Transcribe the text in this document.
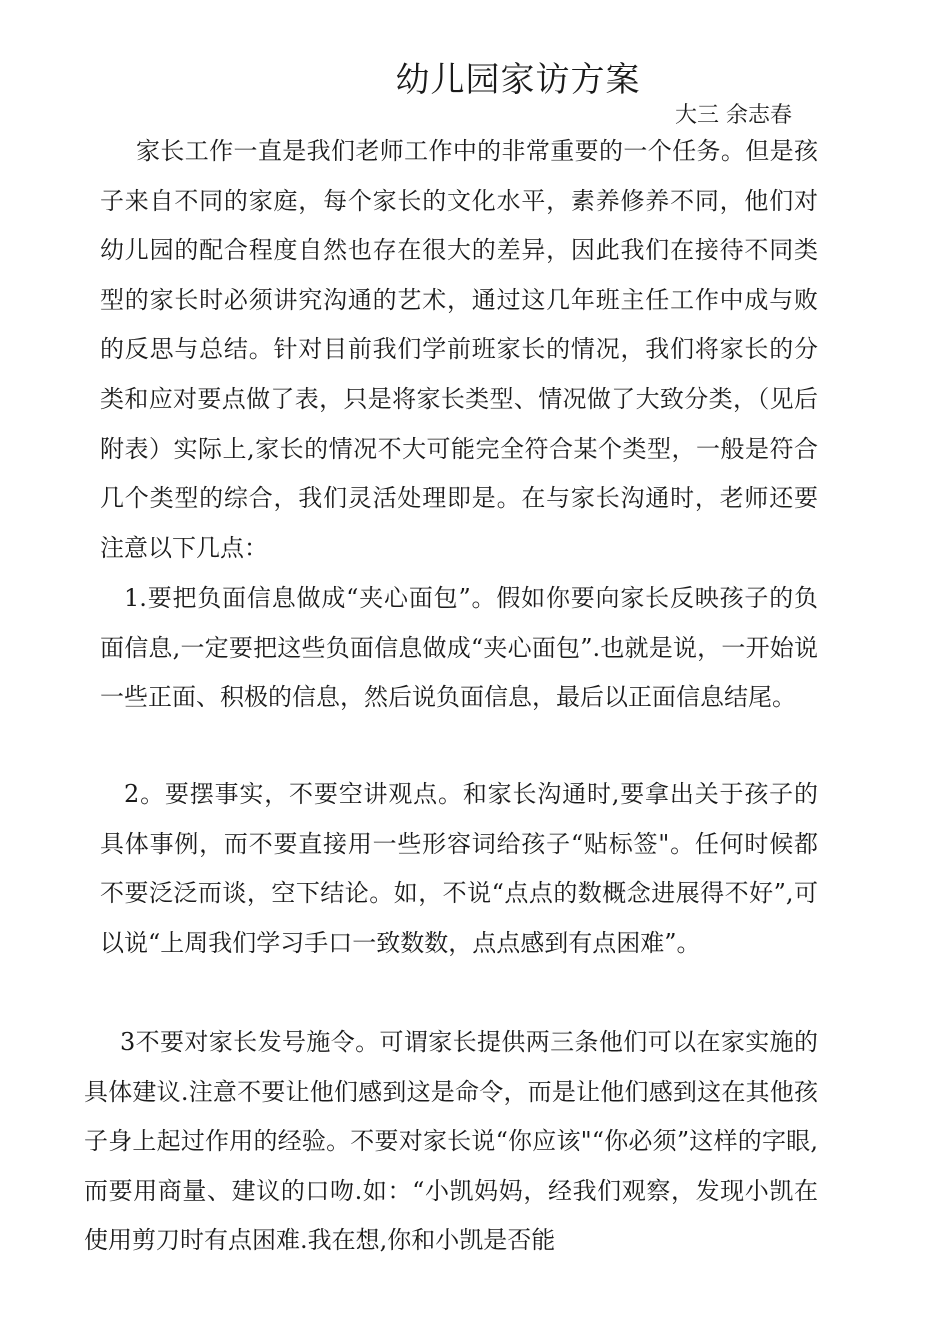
幼儿园家访方案

大三 余志春

家长工作一直是我们老师工作中的非常重要的一个任务。但是孩子来自不同的家庭，每个家长的文化水平，素养修养不同，他们对幼儿园的配合程度自然也存在很大的差异，因此我们在接待不同类型的家长时必须讲究沟通的艺术，通过这几年班主任工作中成与败的反思与总结。针对目前我们学前班家长的情况，我们将家长的分类和应对要点做了表，只是将家长类型、情况做了大致分类，（见后附表）实际上,家长的情况不大可能完全符合某个类型，一般是符合几个类型的综合，我们灵活处理即是。在与家长沟通时，老师还要注意以下几点：

1.要把负面信息做成“夹心面包”。假如你要向家长反映孩子的负面信息,一定要把这些负面信息做成“夹心面包”.也就是说，一开始说一些正面、积极的信息，然后说负面信息，最后以正面信息结尾。

2。要摆事实，不要空讲观点。和家长沟通时,要拿出关于孩子的具体事例，而不要直接用一些形容词给孩子“贴标签"。任何时候都不要泛泛而谈，空下结论。如，不说“点点的数概念进展得不好”,可以说“上周我们学习手口一致数数，点点感到有点困难”。

3不要对家长发号施令。可谓家长提供两三条他们可以在家实施的具体建议.注意不要让他们感到这是命令，而是让他们感到这在其他孩子身上起过作用的经验。不要对家长说“你应该"“你必须”这样的字眼,而要用商量、建议的口吻.如：“小凯妈妈，经我们观察，发现小凯在使用剪刀时有点困难.我在想,你和小凯是否能
